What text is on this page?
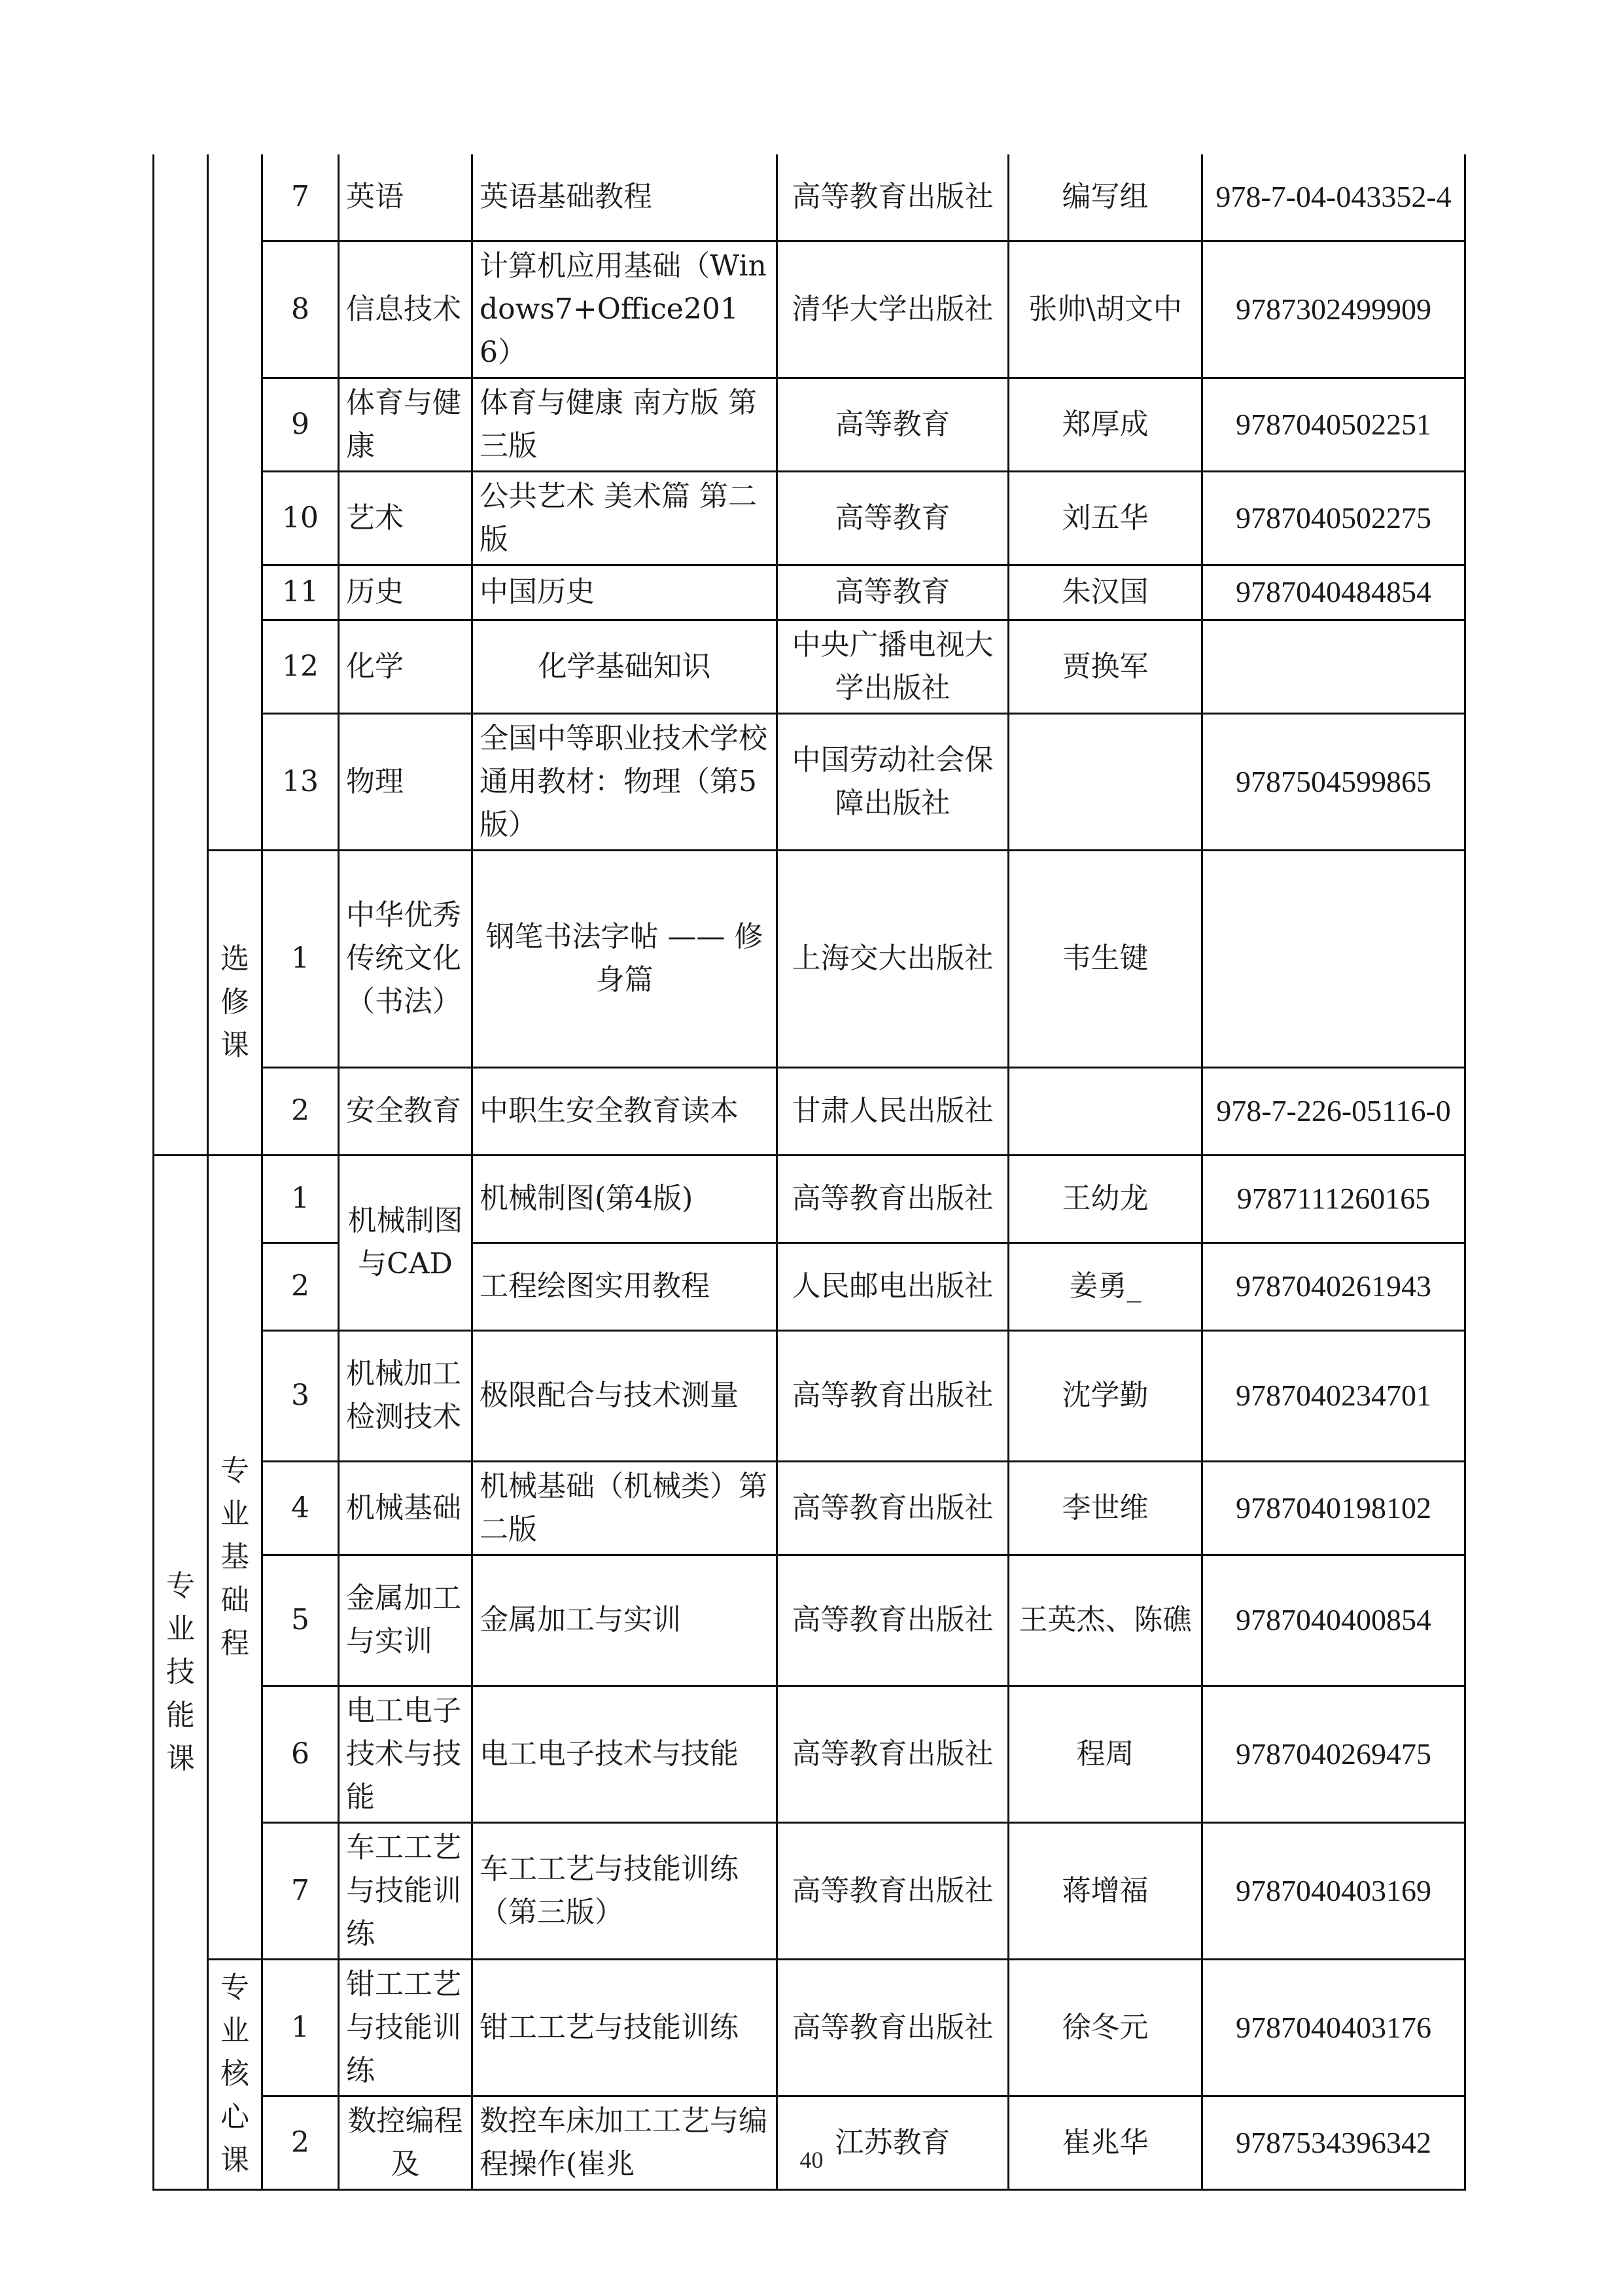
		7	英语	英语基础教程	高等教育出版社	编写组	978-7-04-043352-4
		8	信息技术	计算机应用基础（Windows7+Office2016）	清华大学出版社	张帅\胡文中	9787302499909
		9	体育与健康	体育与健康 南方版 第三版	高等教育	郑厚成	9787040502251
		10	艺术	公共艺术 美术篇 第二版	高等教育	刘五华	9787040502275
		11	历史	中国历史	高等教育	朱汉国	9787040484854
		12	化学	化学基础知识	中央广播电视大学出版社	贾换军	
		13	物理	全国中等职业技术学校通用教材：物理（第5版）	中国劳动社会保障出版社		9787504599865
	选修课	1	中华优秀传统文化（书法）	钢笔书法字帖 —— 修身篇	上海交大出版社	韦生键	
		2	安全教育	中职生安全教育读本	甘肃人民出版社		978-7-226-05116-0
专业技能课	专业基础程	1	机械制图与CAD	机械制图(第4版)	高等教育出版社	王幼龙	9787111260165
		2		工程绘图实用教程	人民邮电出版社	姜勇_	9787040261943
		3	机械加工检测技术	极限配合与技术测量	高等教育出版社	沈学勤	9787040234701
		4	机械基础	机械基础（机械类）第二版	高等教育出版社	李世维	9787040198102
		5	金属加工与实训	金属加工与实训	高等教育出版社	王英杰、陈礁	9787040400854
		6	电工电子技术与技能	电工电子技术与技能	高等教育出版社	程周	9787040269475
		7	车工工艺与技能训练	车工工艺与技能训练（第三版）	高等教育出版社	蒋增福	9787040403169
	专业核心课	1	钳工工艺与技能训练	钳工工艺与技能训练	高等教育出版社	徐冬元	9787040403176
		2	数控编程及	数控车床加工工艺与编程操作(崔兆	江苏教育	崔兆华	9787534396342
40
